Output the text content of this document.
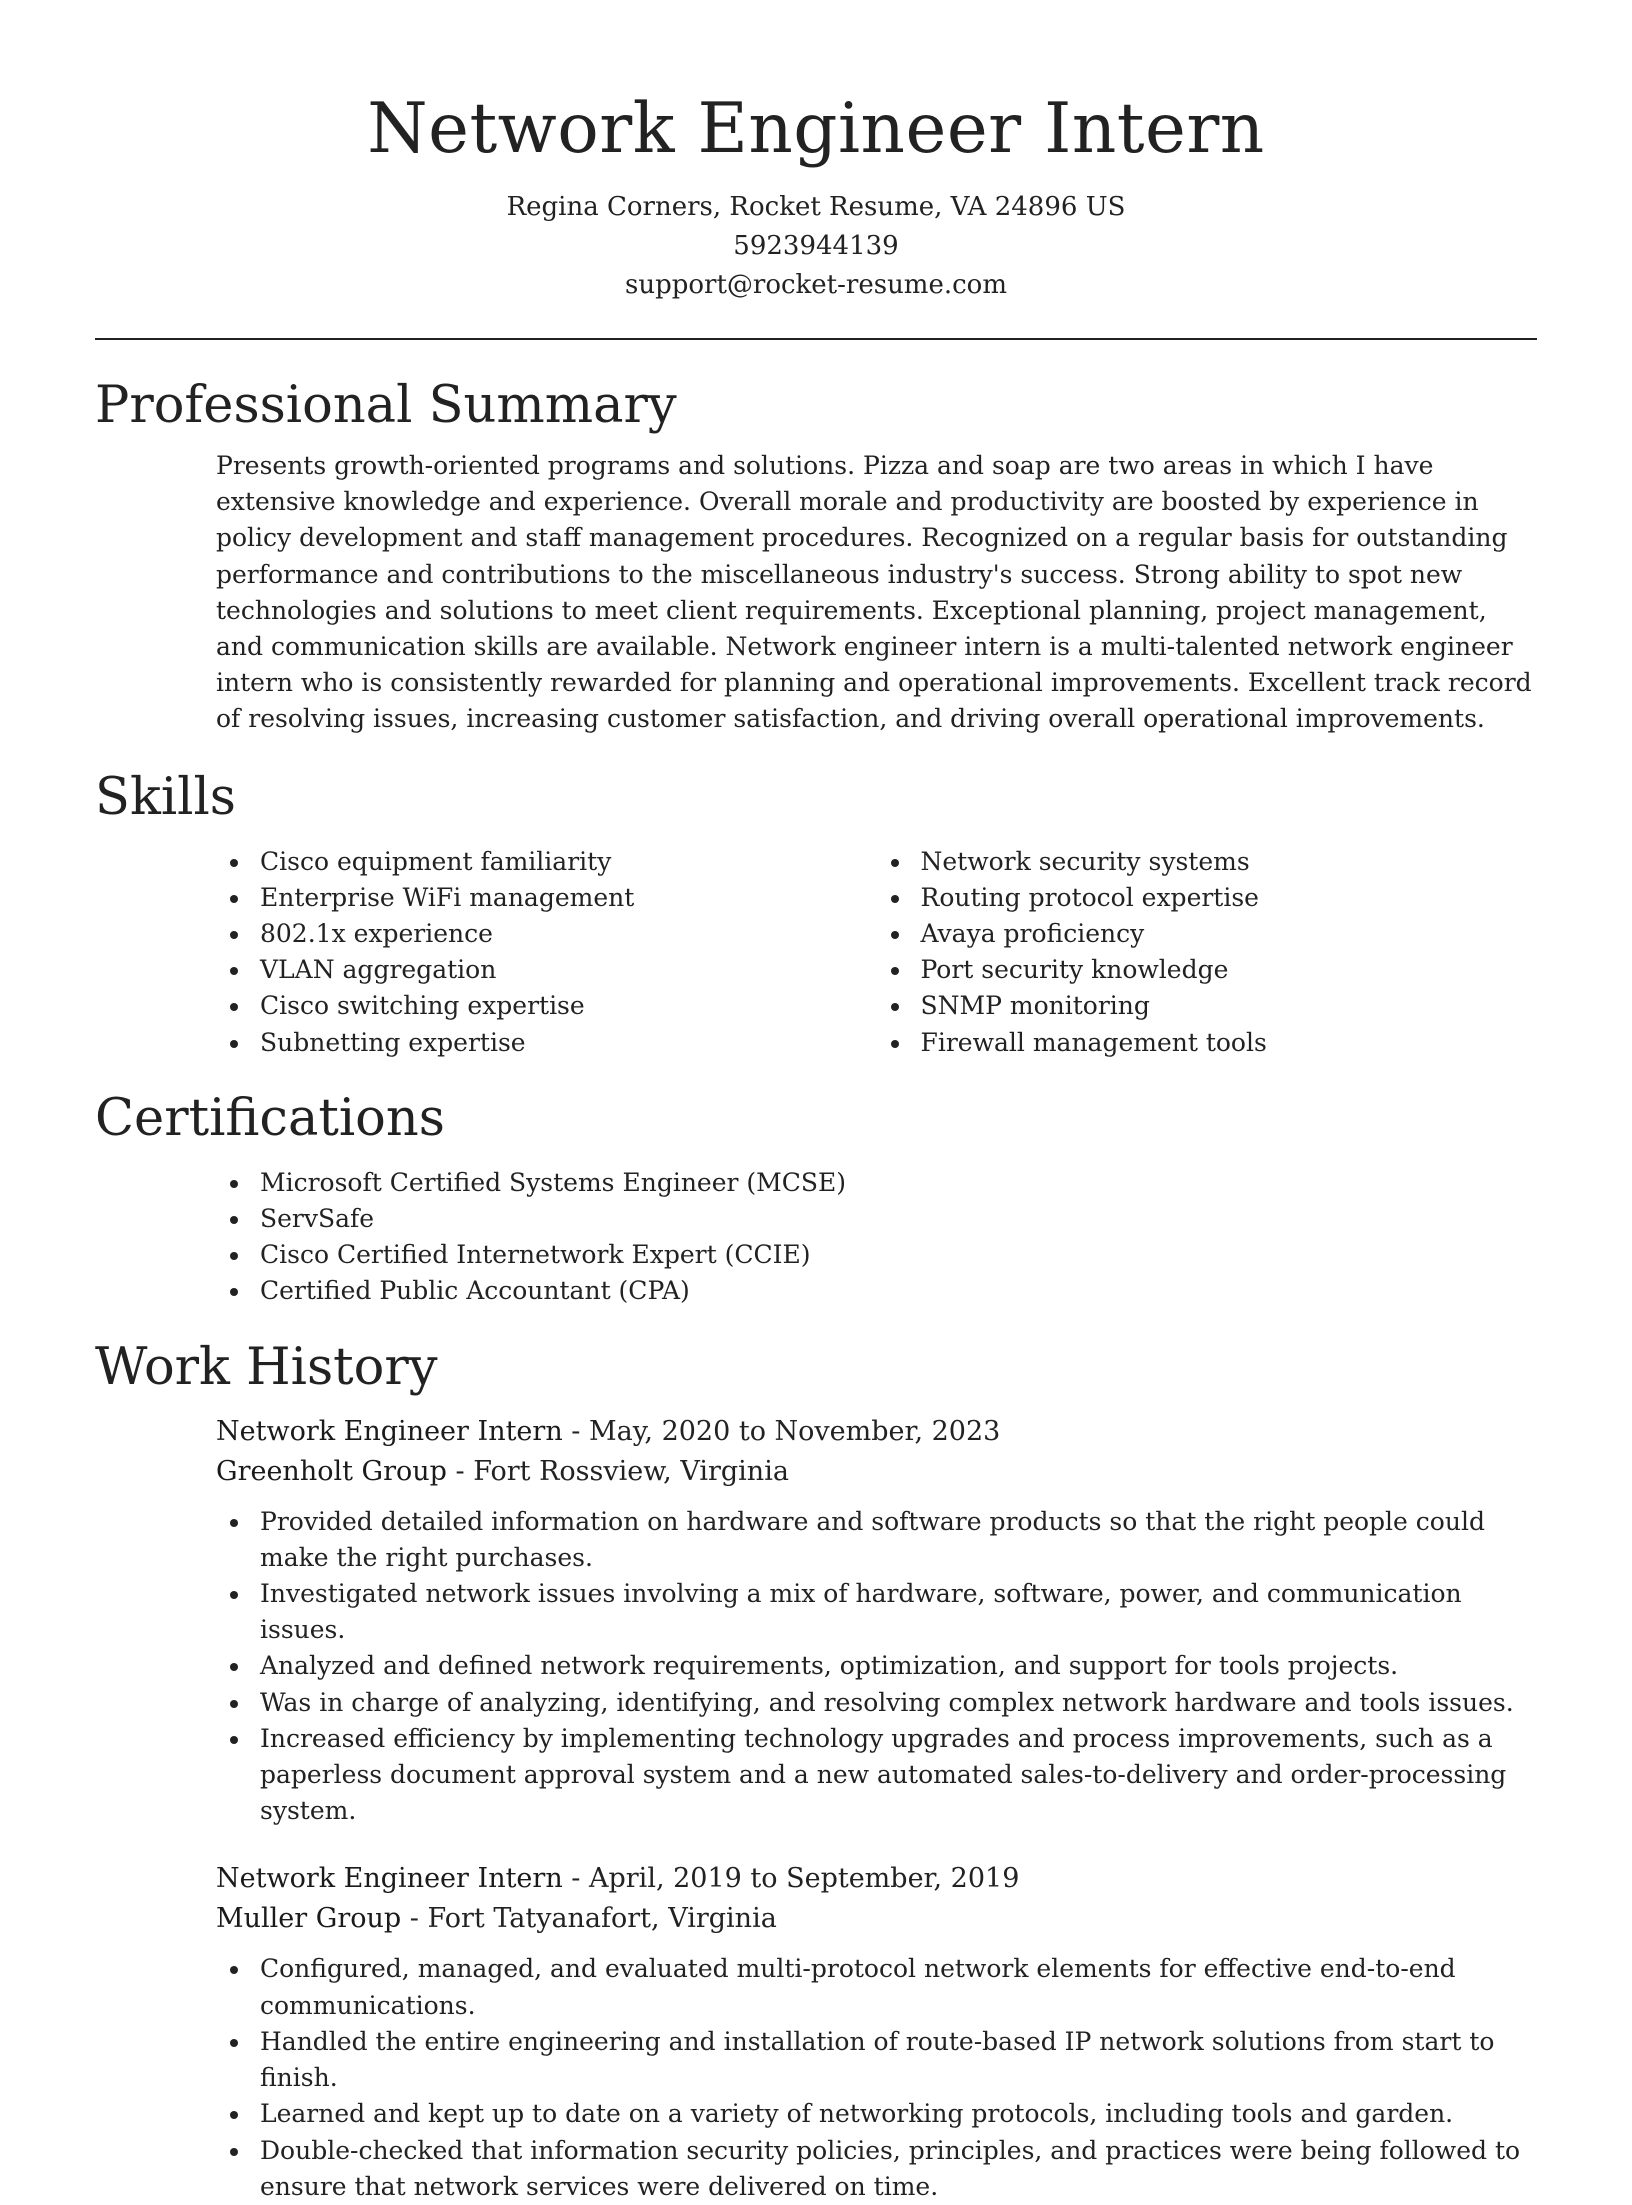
Network Engineer Intern
Regina Corners, Rocket Resume, VA 24896 US
5923944139
support@rocket-resume.com
Professional Summary

Presents growth-oriented programs and solutions. Pizza and soap are two areas in which I have extensive knowledge and experience. Overall morale and productivity are boosted by experience in policy development and staff management procedures. Recognized on a regular basis for outstanding performance and contributions to the miscellaneous industry's success. Strong ability to spot new technologies and solutions to meet client requirements. Exceptional planning, project management, and communication skills are available. Network engineer intern is a multi-talented network engineer intern who is consistently rewarded for planning and operational improvements. Excellent track record of resolving issues, increasing customer satisfaction, and driving overall operational improvements.

Skills
Cisco equipment familiarity
Enterprise WiFi management
802.1x experience
VLAN aggregation
Cisco switching expertise
Subnetting expertise
Network security systems
Routing protocol expertise
Avaya proficiency
Port security knowledge
SNMP monitoring
Firewall management tools
Certifications
Microsoft Certified Systems Engineer (MCSE)
ServSafe
Cisco Certified Internetwork Expert (CCIE)
Certified Public Accountant (CPA)
Work History
Network Engineer Intern - May, 2020 to November, 2023
Greenholt Group - Fort Rossview, Virginia
Provided detailed information on hardware and software products so that the right people could make the right purchases.
Investigated network issues involving a mix of hardware, software, power, and communication issues.
Analyzed and defined network requirements, optimization, and support for tools projects.
Was in charge of analyzing, identifying, and resolving complex network hardware and tools issues.
Increased efficiency by implementing technology upgrades and process improvements, such as a paperless document approval system and a new automated sales-to-delivery and order-processing system.
Network Engineer Intern - April, 2019 to September, 2019
Muller Group - Fort Tatyanafort, Virginia
Configured, managed, and evaluated multi-protocol network elements for effective end-to-end communications.
Handled the entire engineering and installation of route-based IP network solutions from start to finish.
Learned and kept up to date on a variety of networking protocols, including tools and garden.
Double-checked that information security policies, principles, and practices were being followed to ensure that network services were delivered on time.
